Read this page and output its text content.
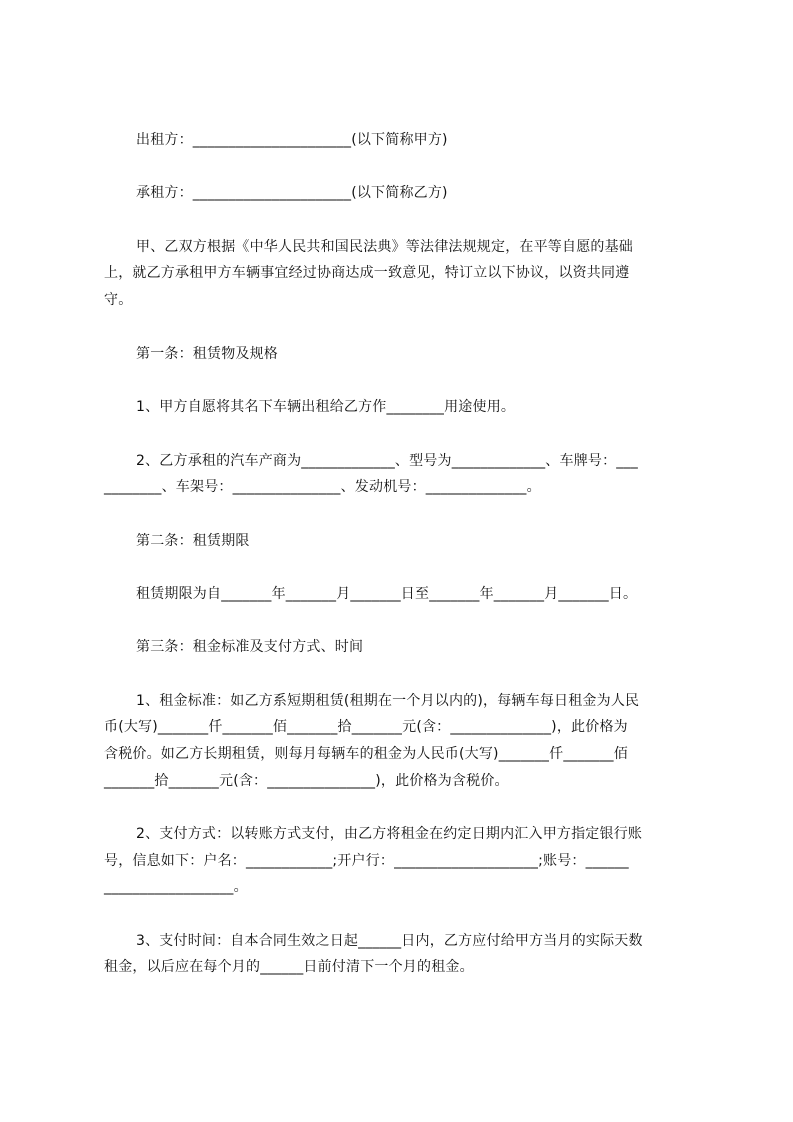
出租方：______________________(以下简称甲方)
承租方：______________________(以下简称乙方)
甲、乙双方根据《中华人民共和国民法典》等法律法规规定，在平等自愿的基础
上，就乙方承租甲方车辆事宜经过协商达成一致意见，特订立以下协议，以资共同遵
守。
第一条：租赁物及规格
1、甲方自愿将其名下车辆出租给乙方作________用途使用。
2、乙方承租的汽车产商为_____________、型号为_____________、车牌号：___
________、车架号：_______________、发动机号：______________。
第二条：租赁期限
租赁期限为自_______年_______月_______日至_______年_______月_______日。
第三条：租金标准及支付方式、时间
1、租金标准：如乙方系短期租赁(租期在一个月以内的)，每辆车每日租金为人民
币(大写)_______仟_______佰_______拾_______元(含：______________)，此价格为
含税价。如乙方长期租赁，则每月每辆车的租金为人民币(大写)_______仟_______佰
_______拾_______元(含：_______________)，此价格为含税价。
2、支付方式：以转账方式支付，由乙方将租金在约定日期内汇入甲方指定银行账
号，信息如下：户名：____________;开户行：____________________;账号：______
__________________。
3、支付时间：自本合同生效之日起______日内，乙方应付给甲方当月的实际天数
租金，以后应在每个月的______日前付清下一个月的租金。
